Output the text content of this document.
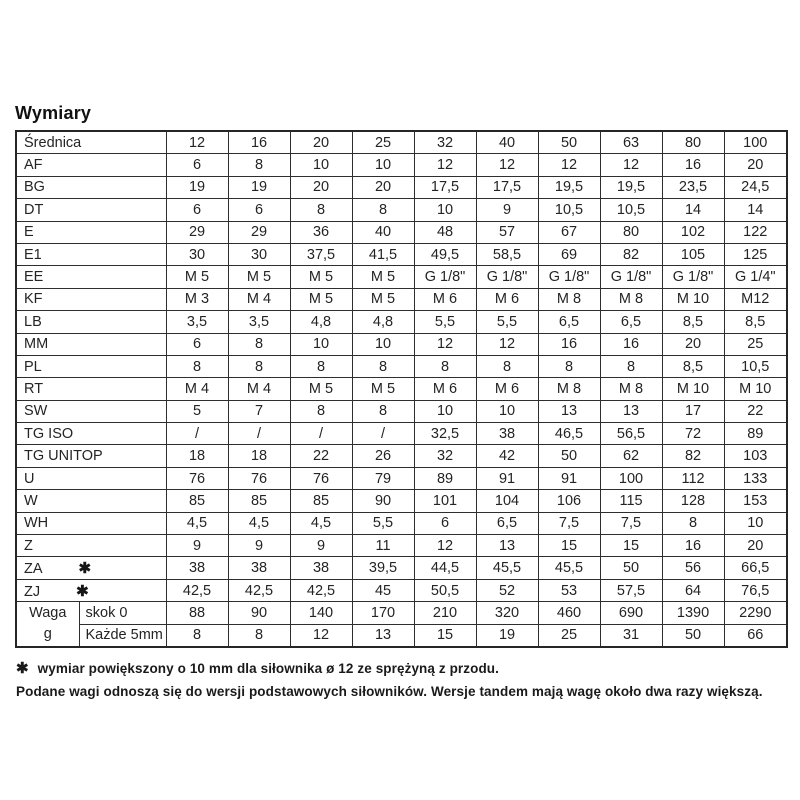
Wymiary
Średnica		12	16	20	25	32	40	50	63	80	100
AF		6	8	10	10	12	12	12	12	16	20
BG		19	19	20	20	17,5	17,5	19,5	19,5	23,5	24,5
DT		6	6	8	8	10	9	10,5	10,5	14	14
E		29	29	36	40	48	57	67	80	102	122
E1		30	30	37,5	41,5	49,5	58,5	69	82	105	125
EE		M 5	M 5	M 5	M 5	G 1/8"	G 1/8"	G 1/8"	G 1/8"	G 1/8"	G 1/4"
KF		M 3	M 4	M 5	M 5	M 6	M 6	M 8	M 8	M 10	M12
LB		3,5	3,5	4,8	4,8	5,5	5,5	6,5	6,5	8,5	8,5
MM		6	8	10	10	12	12	16	16	20	25
PL		8	8	8	8	8	8	8	8	8,5	10,5
RT		M 4	M 4	M 5	M 5	M 6	M 6	M 8	M 8	M 10	M 10
SW		5	7	8	8	10	10	13	13	17	22
TG ISO		/	/	/	/	32,5	38	46,5	56,5	72	89
TG UNITOP		18	18	22	26	32	42	50	62	82	103
U		76	76	76	79	89	91	91	100	112	133
W		85	85	85	90	101	104	106	115	128	153
WH		4,5	4,5	4,5	5,5	6	6,5	7,5	7,5	8	10
Z		9	9	9	11	12	13	15	15	16	20
ZA ✱		38	38	38	39,5	44,5	45,5	45,5	50	56	66,5
ZJ ✱		42,5	42,5	42,5	45	50,5	52	53	57,5	64	76,5

Waga
g	skok 0	88	90	140	170	210	320	460	690	1390	2290
	Każde 5mm	8	8	12	13	15	19	25	31	50	66

✱ wymiar powiększony o 10 mm dla siłownika ø 12 ze sprężyną z przodu.

Podane wagi odnoszą się do wersji podstawowych siłowników. Wersje tandem mają wagę około dwa razy większą.
